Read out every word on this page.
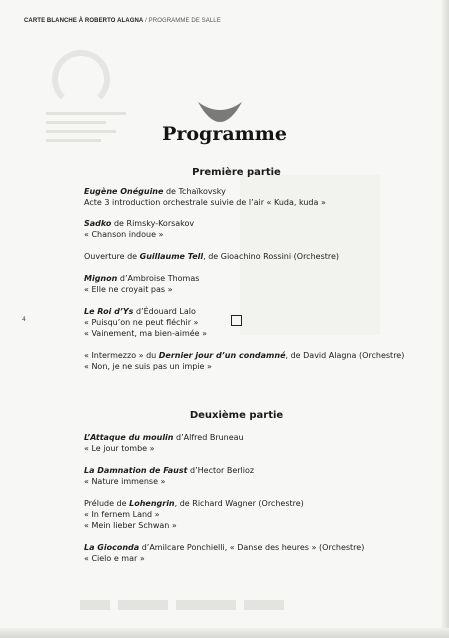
CARTE BLANCHE À ROBERTO ALAGNA / PROGRAMME DE SALLE
Programme
Première partie
Eugène Onéguine de Tchaïkovsky
Acte 3 introduction orchestrale suivie de l’air « Kuda, kuda »
Sadko de Rimsky-Korsakov
« Chanson indoue »
Ouverture de Guillaume Tell, de Gioachino Rossini (Orchestre)
Mignon d’Ambroise Thomas
« Elle ne croyait pas »
Le Roi d’Ys d’Édouard Lalo
« Puisqu’on ne peut fléchir »
« Vainement, ma bien-aimée »
« Intermezzo » du Dernier jour d’un condamné, de David Alagna (Orchestre)
« Non, je ne suis pas un impie »
Deuxième partie
L’Attaque du moulin d’Alfred Bruneau
« Le jour tombe »
La Damnation de Faust d’Hector Berlioz
« Nature immense »
Prélude de Lohengrin, de Richard Wagner (Orchestre)
« In fernem Land »
« Mein lieber Schwan »
La Gioconda d’Amilcare Ponchielli, « Danse des heures » (Orchestre)
« Cielo e mar »
4
